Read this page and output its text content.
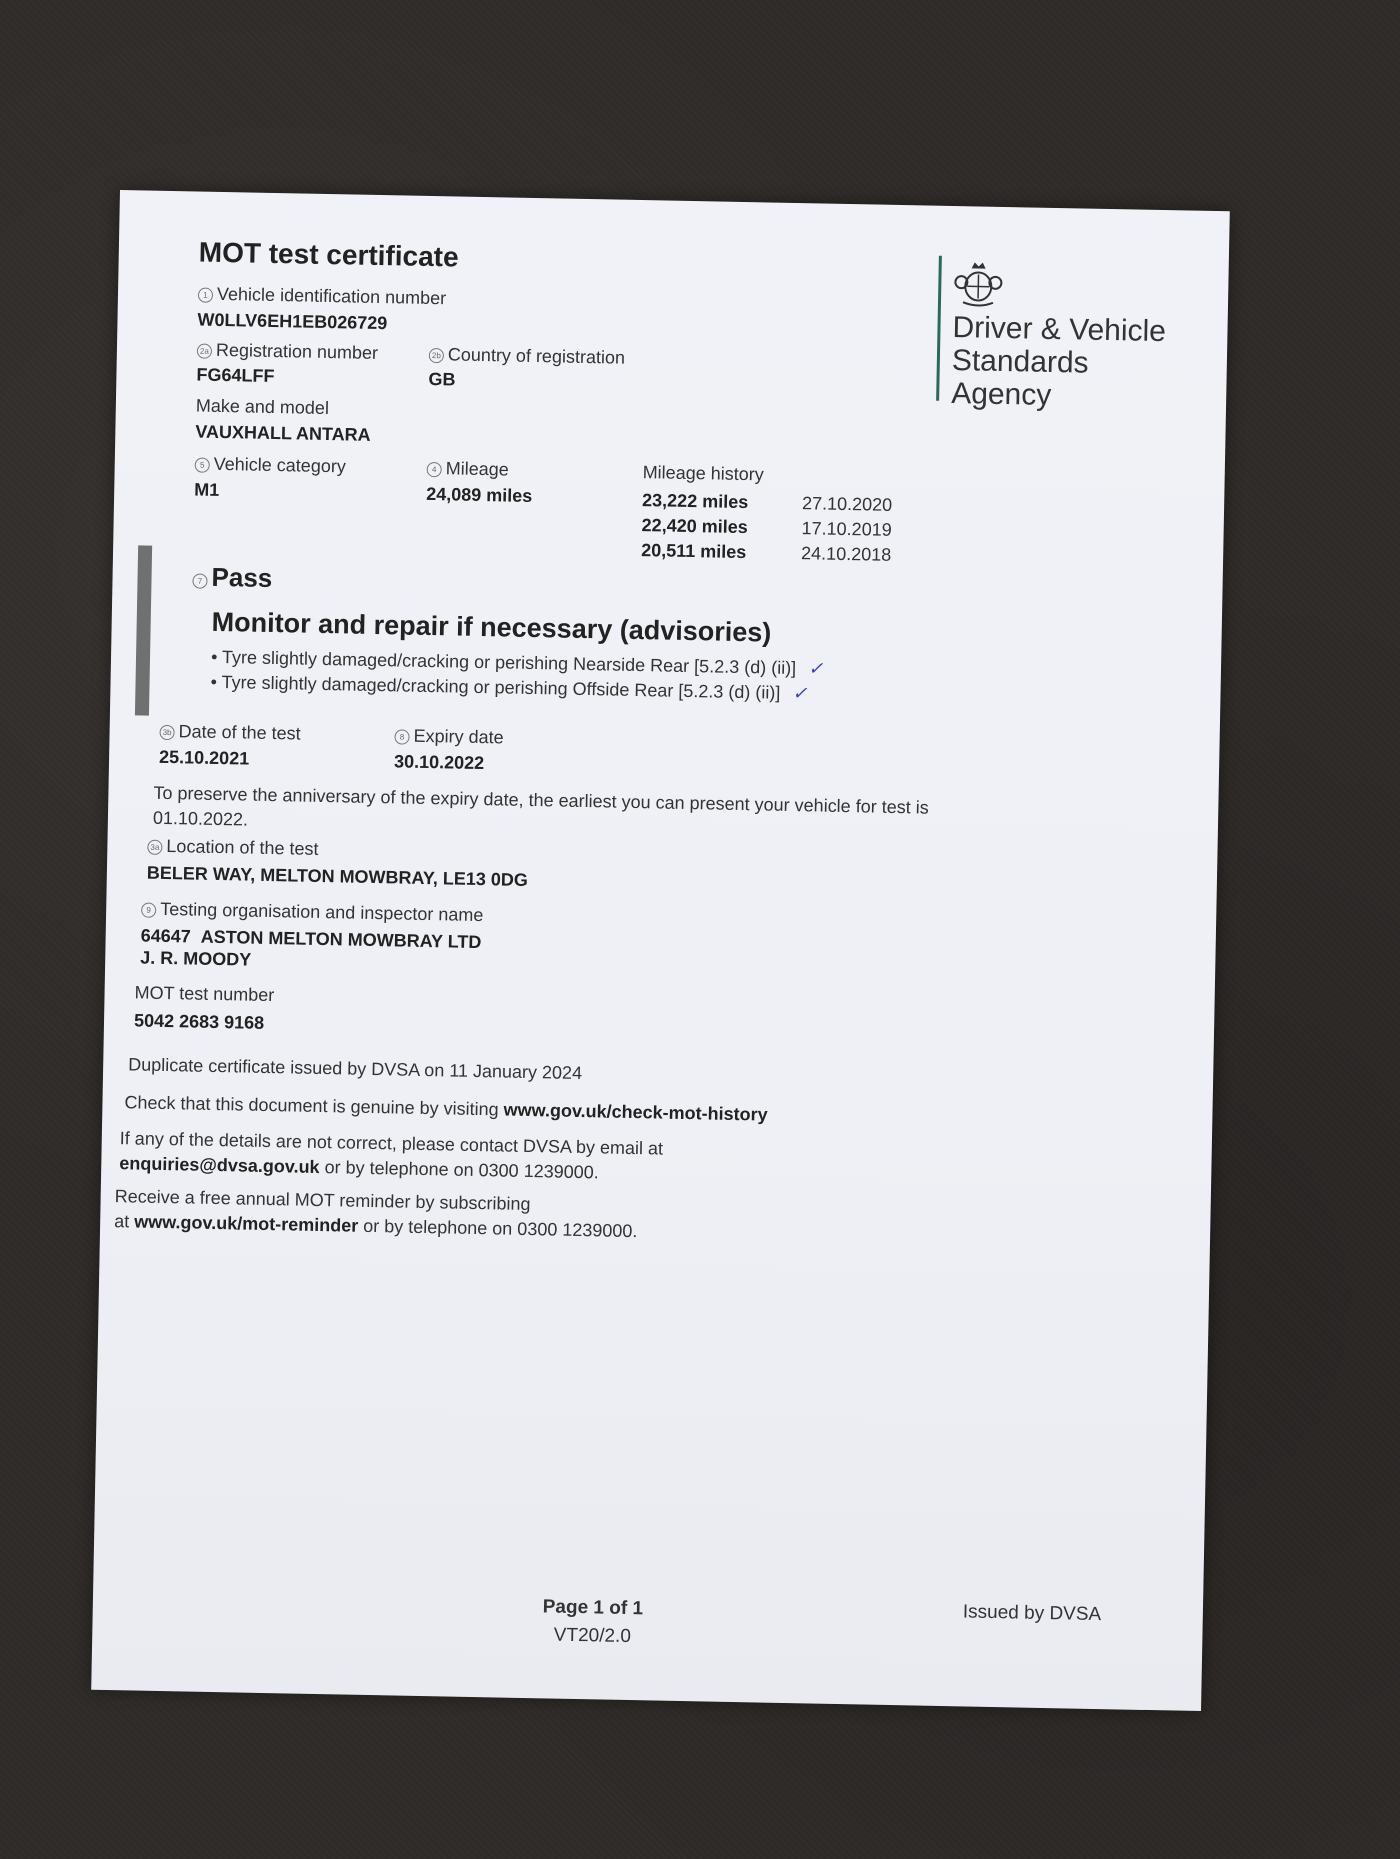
MOT test certificate
1 Vehicle identification number
W0LLV6EH1EB026729
2a Registration number
FG64LFF
2b Country of registration
GB
Make and model
VAUXHALL ANTARA
5 Vehicle category
M1
4 Mileage
24,089 miles
Mileage history
23,222 miles	27.10.2020
22,420 miles	17.10.2019
20,511 miles	24.10.2018
Driver & Vehicle
Standards
Agency
7 Pass
Monitor and repair if necessary (advisories)
• Tyre slightly damaged/cracking or perishing Nearside Rear [5.2.3 (d) (ii)] ✓
• Tyre slightly damaged/cracking or perishing Offside Rear [5.2.3 (d) (ii)] ✓
3b Date of the test
25.10.2021
8 Expiry date
30.10.2022
To preserve the anniversary of the expiry date, the earliest you can present your vehicle for test is 01.10.2022.
3a Location of the test
BELER WAY, MELTON MOWBRAY, LE13 0DG
9 Testing organisation and inspector name
64647 ASTON MELTON MOWBRAY LTD
J. R. MOODY
MOT test number
5042 2683 9168
Duplicate certificate issued by DVSA on 11 January 2024
Check that this document is genuine by visiting www.gov.uk/check-mot-history
If any of the details are not correct, please contact DVSA by email at
enquiries@dvsa.gov.uk or by telephone on 0300 1239000.
Receive a free annual MOT reminder by subscribing
at www.gov.uk/mot-reminder or by telephone on 0300 1239000.
Page 1 of 1
VT20/2.0
Issued by DVSA
